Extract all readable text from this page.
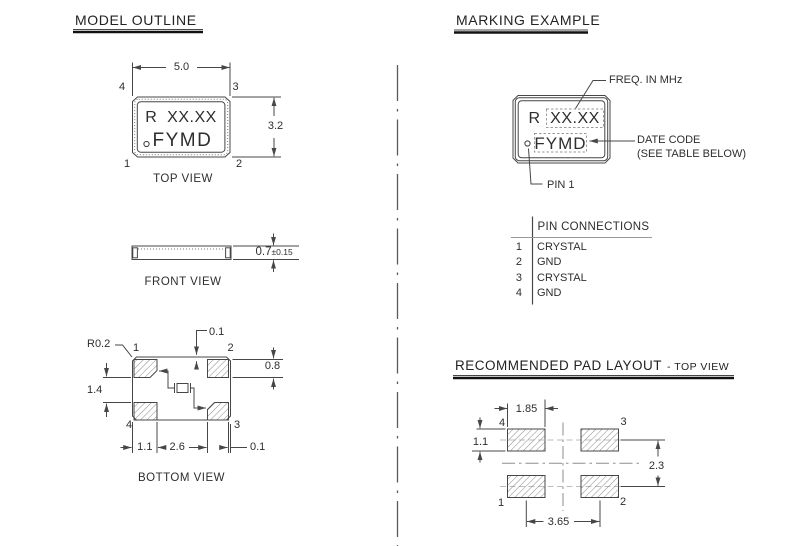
MODEL OUTLINE
5.0
4	3
1	2
R  XX.XX
FYMD
3.2
TOP VIEW
0.7 ±0.15
FRONT VIEW
R0.2
0.1
1	2
4	3
0.8
1.4
1.1 2.6	0.1
BOTTOM VIEW
MARKING EXAMPLE
R XX.XX
FYMD
FREQ. IN MHz
DATE CODE
(SEE TABLE BELOW)
PIN 1
PIN CONNECTIONS
1 CRYSTAL
2 GND
3 CRYSTAL
4 GND
RECOMMENDED PAD LAYOUT - TOP VIEW
1.85
1.1
2.3
3.65
4	3
1	2
